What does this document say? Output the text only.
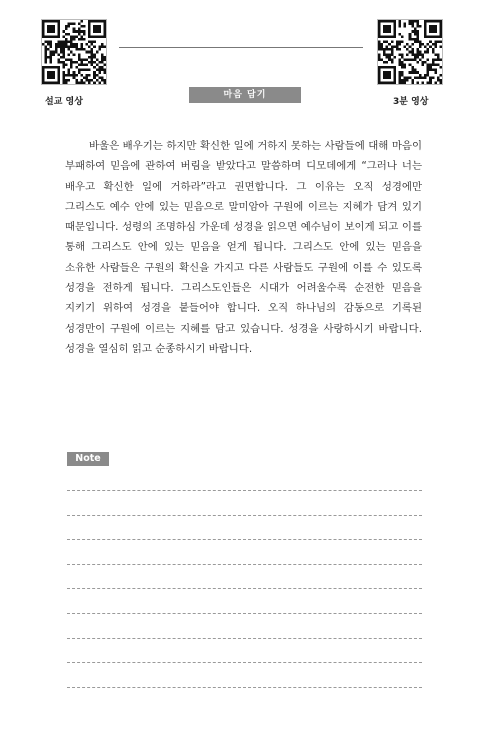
설교 영상	3분 영상
마음 담기

바울은 배우기는 하지만 확신한 일에 거하지 못하는 사람들에 대해 마음이 부패하여 믿음에 관하여 버림을 받았다고 말씀하며 디모데에게 “그러나 너는 배우고 확신한 일에 거하라”라고 권면합니다. 그 이유는 오직 성경에만 그리스도 예수 안에 있는 믿음으로 말미암아 구원에 이르는 지혜가 담겨 있기 때문입니다. 성령의 조명하심 가운데 성경을 읽으면 예수님이 보이게 되고 이를 통해 그리스도 안에 있는 믿음을 얻게 됩니다. 그리스도 안에 있는 믿음을 소유한 사람들은 구원의 확신을 가지고 다른 사람들도 구원에 이를 수 있도록 성경을 전하게 됩니다. 그리스도인들은 시대가 어려울수록 순전한 믿음을 지키기 위하여 성경을 붙들어야 합니다. 오직 하나님의 감동으로 기록된 성경만이 구원에 이르는 지혜를 담고 있습니다. 성경을 사랑하시기 바랍니다. 성경을 열심히 읽고 순종하시기 바랍니다.

Note
